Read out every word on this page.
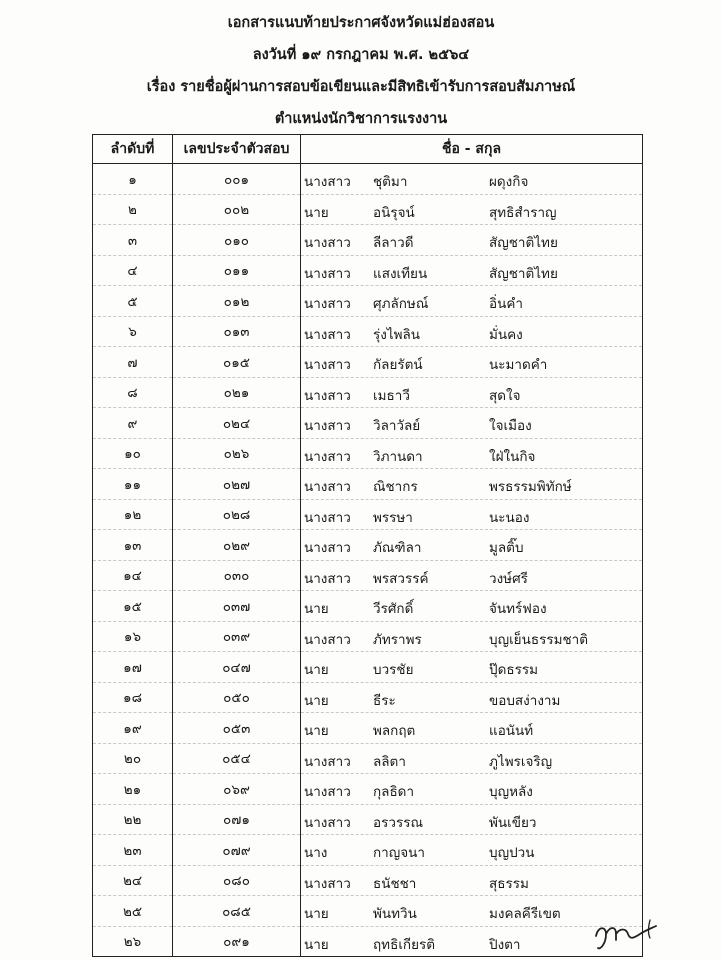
เอกสารแนบท้ายประกาศจังหวัดแม่ฮ่องสอน
ลงวันที่ ๑๙ กรกฎาคม พ.ศ. ๒๕๖๔
เรื่อง รายชื่อผู้ผ่านการสอบข้อเขียนและมีสิทธิเข้ารับการสอบสัมภาษณ์
ตำแหน่งนักวิชาการแรงงาน
ลำดับที่	เลขประจำตัวสอบ	ชื่อ - สกุล
๑	๐๐๑	นางสาว ชุติมา ผดุงกิจ

๒	๐๐๒	นาย อนิรุจน์ สุทธิสำราญ

๓	๐๑๐	นางสาว ลีลาวดี สัญชาติไทย

๔	๐๑๑	นางสาว แสงเทียน สัญชาติไทย

๕	๐๑๒	นางสาว ศุภลักษณ์ อิ่นคำ

๖	๐๑๓	นางสาว รุ่งไพลิน มั่นคง

๗	๐๑๕	นางสาว กัลยรัตน์ นะมาดคำ

๘	๐๒๑	นางสาว เมธาวี สุดใจ

๙	๐๒๔	นางสาว วิลาวัลย์ ใจเมือง

๑๐	๐๒๖	นางสาว วิภานดา ใฝ่ในกิจ

๑๑	๐๒๗	นางสาว ณิชากร พรธรรมพิทักษ์

๑๒	๐๒๘	นางสาว พรรษา นะนอง

๑๓	๐๒๙	นางสาว ภัณฑิลา มูลติ๊บ

๑๔	๐๓๐	นางสาว พรสวรรค์ วงษ์ศรี

๑๕	๐๓๗	นาย วีรศักดิ์ จันทร์ฟอง

๑๖	๐๓๙	นางสาว ภัทราพร บุญเย็นธรรมชาติ

๑๗	๐๔๗	นาย บวรชัย ปุ๊ดธรรม

๑๘	๐๕๐	นาย ธีระ ขอบสง่างาม

๑๙	๐๕๓	นาย พลกฤต แอนันท์

๒๐	๐๕๔	นางสาว ลลิตา ภูไพรเจริญ

๒๑	๐๖๙	นางสาว กุลธิดา บุญหลัง

๒๒	๐๗๑	นางสาว อรวรรณ พันเขียว

๒๓	๐๗๙	นาง กาญจนา บุญปวน

๒๔	๐๘๐	นางสาว ธนัชชา สุธรรม

๒๕	๐๘๕	นาย พันทวิน มงคลคีรีเขต

๒๖	๐๙๑	นาย ฤทธิเกียรติ ปิงตา
